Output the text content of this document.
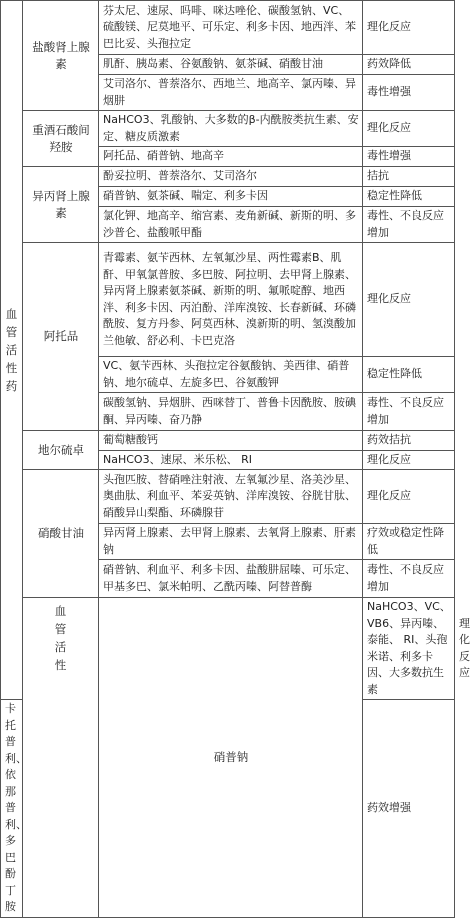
血管活性药	盐酸肾上腺素	芬太尼、速尿、吗啡、咪达唑伦、碳酸氢钠、VC、硫酸镁、尼莫地平、可乐定、利多卡因、地西泮、苯巴比妥、头孢拉定	理化反应	
		肌酐、胰岛素、谷氨酸钠、氨茶碱、硝酸甘油	药效降低	
		艾司洛尔、普萘洛尔、西地兰、地高辛、氯丙嗪、异烟肼	毒性增强	
	重酒石酸间羟胺	NaHCO3、乳酸钠、大多数的β-内酰胺类抗生素、安定、糖皮质激素	理化反应	
		阿托品、硝普钠、地高辛	毒性增强	
	异丙肾上腺素	酚妥拉明、普萘洛尔、艾司洛尔	拮抗	
		硝普钠、氨茶碱、喘定、利多卡因	稳定性降低	
		氯化钾、地高辛、缩宫素、麦角新碱、新斯的明、多沙普仑、盐酸哌甲酯	毒性、不良反应增加	
	阿托品	青霉素、氨苄西林、左氧氟沙星、两性霉素B、肌酐、甲氧氯普胺、多巴胺、阿拉明、去甲肾上腺素、异丙肾上腺素氨茶碱、新斯的明、氟哌啶醇、地西泮、利多卡因、丙泊酚、洋库溴铵、长春新碱、环磷酰胺、复方丹参、阿莫西林、溴新斯的明、氢溴酸加兰他敏、舒必利、卡巴克洛	理化反应	
		VC、氨苄西林、头孢拉定谷氨酸钠、美西律、硝普钠、地尔硫卓、左旋多巴、谷氨酸钾	稳定性降低	
		碳酸氢钠、异烟肼、西咪替丁、普鲁卡因酰胺、胺碘酮、异丙嗪、奋乃静	毒性、不良反应增加	
	地尔硫卓	葡萄糖酸钙	药效拮抗	
		NaHCO3、速尿、米乐松、 RI	理化反应	
	硝酸甘油	头孢匹胺、替硝唑注射液、左氧氟沙星、洛美沙星、奥曲肽、利血平、苯妥英钠、洋库溴铵、谷胱甘肽、硝酸异山梨酯、环磷腺苷	理化反应	
		异丙肾上腺素、去甲肾上腺素、去氧肾上腺素、肝素钠	疗效或稳定性降低	
		硝普钠、利血平、利多卡因、盐酸肼屈嗪、可乐定、甲基多巴、氯米帕明、乙酰丙嗪、阿替普酶	毒性、不良反应增加	

	血管活性	硝普钠	NaHCO3、VC、VB6、异丙嗪、泰能、 RI、头孢米诺、利多卡因、大多数抗生素	理化反应
卡托普利、依那普利、多巴酚丁胺			药效增强	
